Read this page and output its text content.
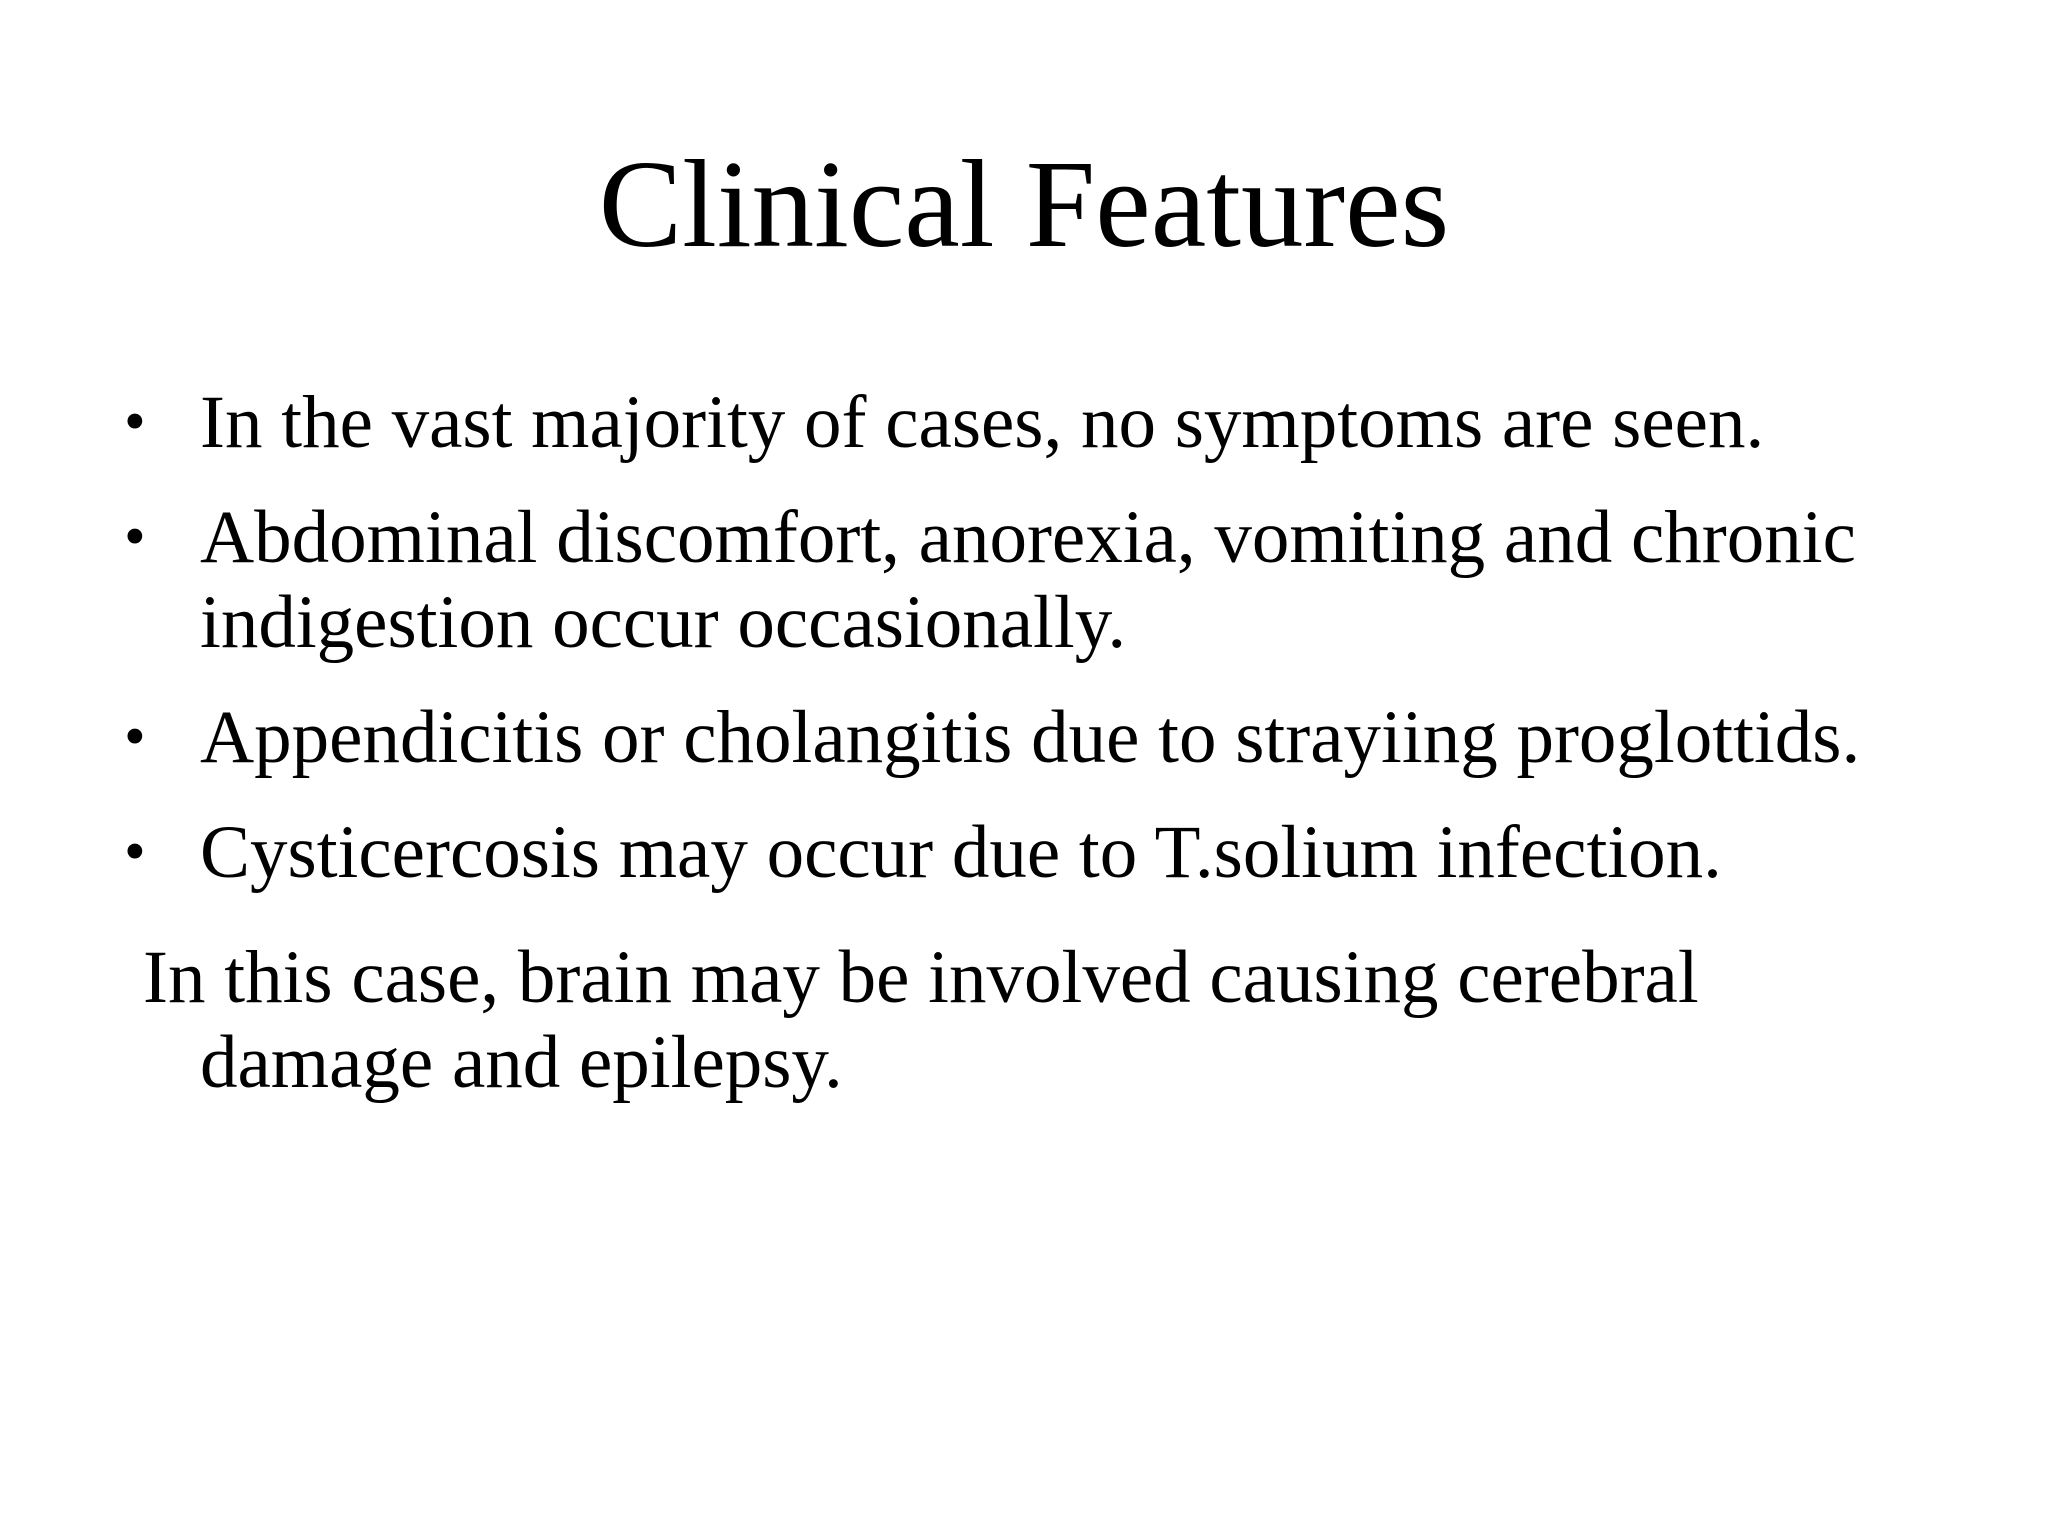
Clinical Features
• In the vast majority of cases, no symptoms are seen.
• Abdominal discomfort, anorexia, vomiting and chronic
indigestion occur occasionally.
• Appendicitis or cholangitis due to strayiing proglottids.
• Cysticercosis may occur due to T.solium infection.
In this case, brain may be involved causing cerebral
damage and epilepsy.
